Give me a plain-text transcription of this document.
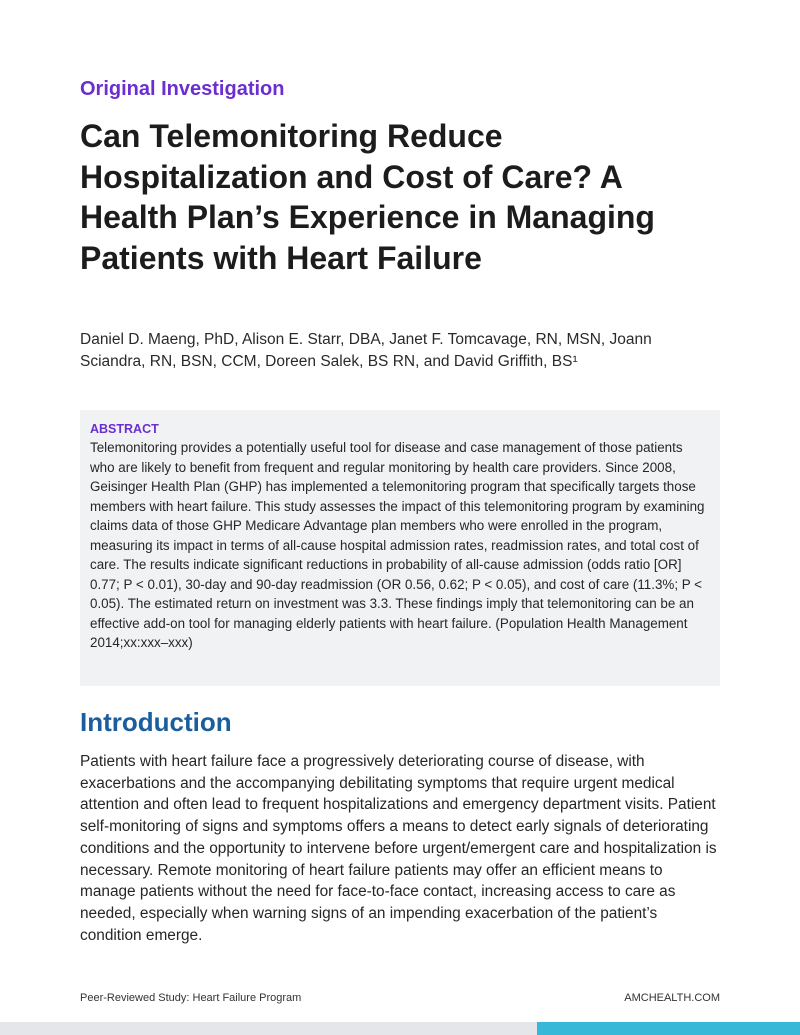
Original Investigation
Can Telemonitoring Reduce Hospitalization and Cost of Care? A Health Plan’s Experience in Managing Patients with Heart Failure

Daniel D. Maeng, PhD, Alison E. Starr, DBA, Janet F. Tomcavage, RN, MSN, Joann Sciandra, RN, BSN, CCM, Doreen Salek, BS RN, and David Griffith, BS¹

ABSTRACT

Telemonitoring provides a potentially useful tool for disease and case management of those patients who are likely to benefit from frequent and regular monitoring by health care providers. Since 2008, Geisinger Health Plan (GHP) has implemented a telemonitoring program that specifically targets those members with heart failure. This study assesses the impact of this telemonitoring program by examining claims data of those GHP Medicare Advantage plan members who were enrolled in the program, measuring its impact in terms of all-cause hospital admission rates, readmission rates, and total cost of care. The results indicate significant reductions in probability of all-cause admission (odds ratio [OR] 0.77; P < 0.01), 30-day and 90-day readmission (OR 0.56, 0.62; P < 0.05), and cost of care (11.3%; P < 0.05). The estimated return on investment was 3.3. These findings imply that telemonitoring can be an effective add-on tool for managing elderly patients with heart failure. (Population Health Management 2014;xx:xxx–xxx)

Introduction

Patients with heart failure face a progressively deteriorating course of disease, with exacerbations and the accompanying debilitating symptoms that require urgent medical attention and often lead to frequent hospitalizations and emergency department visits. Patient self-monitoring of signs and symptoms offers a means to detect early signals of deteriorating conditions and the opportunity to intervene before urgent/emergent care and hospitalization is necessary. Remote monitoring of heart failure patients may offer an efficient means to manage patients without the need for face-to-face contact, increasing access to care as needed, especially when warning signs of an impending exacerbation of the patient’s condition emerge.

Peer-Reviewed Study: Heart Failure Program	AMCHEALTH.COM
